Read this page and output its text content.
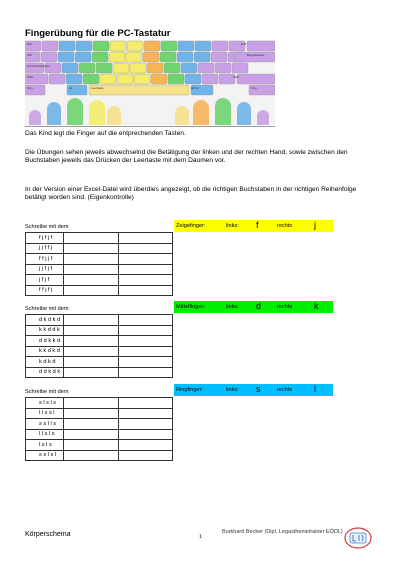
Fingerübung für die PC-Tastatur
Esc
Tab
Großschreibtaste
Shift
Strg	Alt	Leertaste	Alt Gr	Strg
Entf
Eingabetaste
Shift
Das Kind legt die Finger auf die entprechenden Tasten.
Die Übungen sehen jeweils abwechselnd die Betätigung der linken und der rechten Hand, sowie zwischen den Buchstaben jeweils das Drücken der Leertaste mit dem Daumen vor.
In der Version einer Excel-Datei wird überdies angezeigt, ob die richtigen Buchstaben in der richtigen Reihenfolge betätigt worden sind. (Eigenkontrolle)
Schreibe mit dem	Zeigefinger:	links: f	rechts j
f j f j f		
j j f f j		
f f j j f		
j j f j f		
j f j f		
f f j f j		
Schreibe mit dem	Mittelfinger:	links: d	rechts k
d k d k d		
k k d d k		
d d k k d		
k k d k d		
k d k d		
d d k d k		
Schreibe mit dem	Ringfinger:	links: s	rechts l
s l s l s		
l l s s l		
s s l l s		
l l s l s		
l s l s		
s s l s l		
Körperschema	1
Burkhard Becker (Dipl. Legasthenietrainer EÖDL)
